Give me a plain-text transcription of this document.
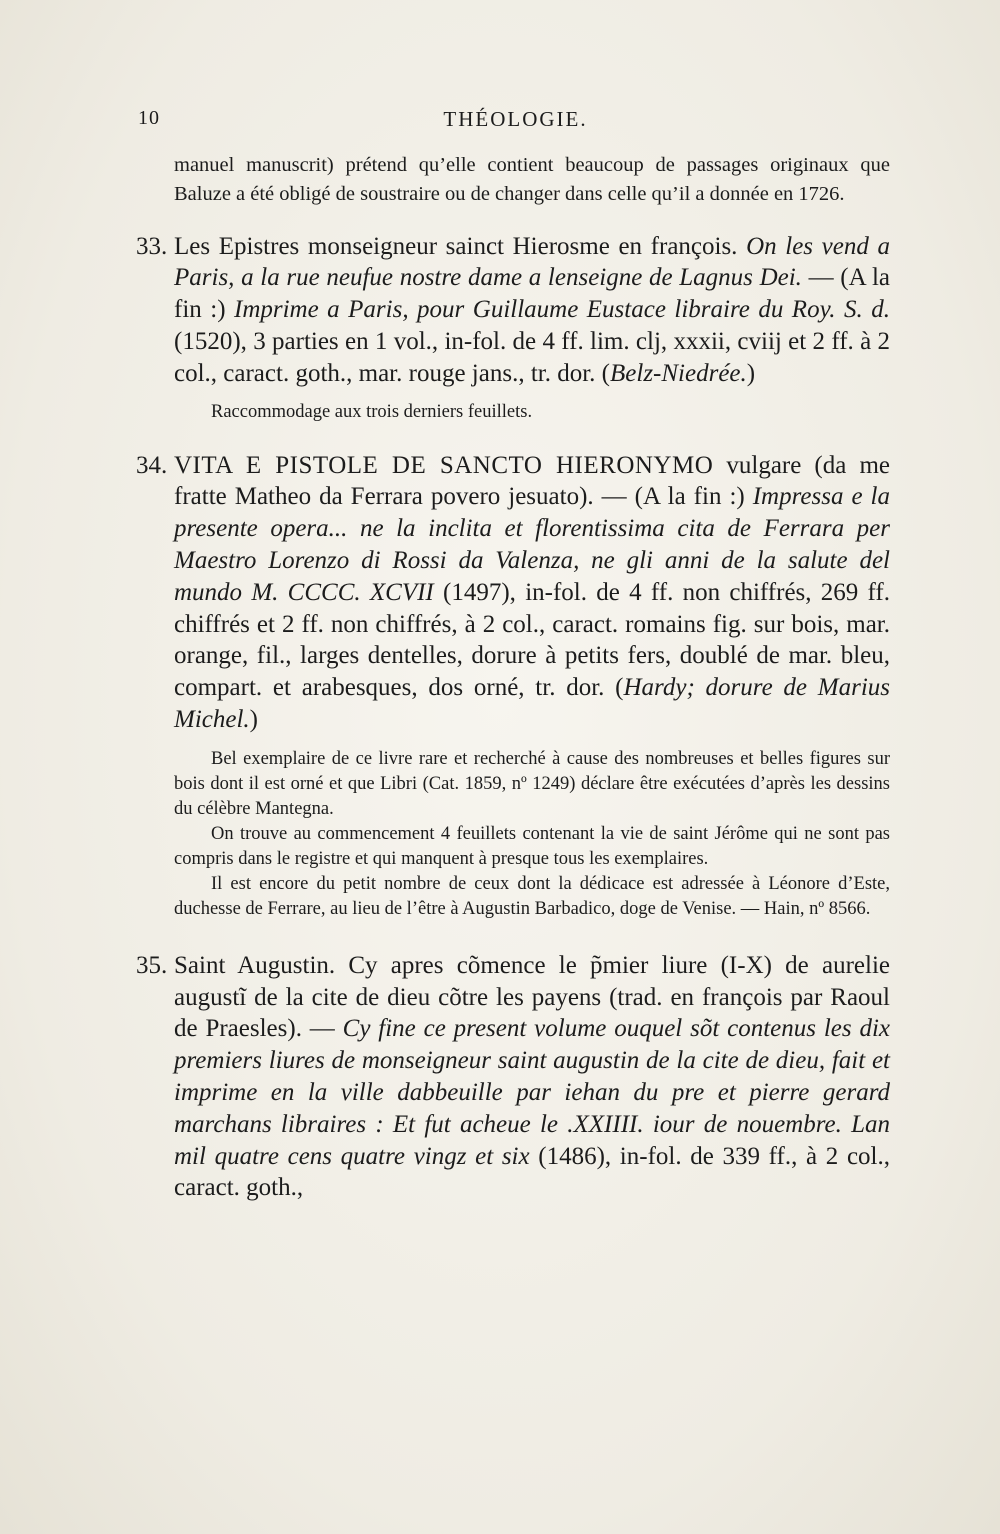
10	THÉOLOGIE.

manuel manuscrit) prétend qu’elle contient beaucoup de passages originaux que Baluze a été obligé de soustraire ou de changer dans celle qu’il a donnée en 1726.

33. Les Epistres monseigneur sainct Hierosme en françois. On les vend a Paris, a la rue neufue nostre dame a lenseigne de Lagnus Dei. — (A la fin :) Imprime a Paris, pour Guillaume Eustace libraire du Roy. S. d. (1520), 3 parties en 1 vol., in-fol. de 4 ff. lim. clj, xxxii, cviij et 2 ff. à 2 col., caract. goth., mar. rouge jans., tr. dor. (Belz-Niedrée.)

Raccommodage aux trois derniers feuillets.

34. VITA E PISTOLE DE SANCTO HIERONYMO vulgare (da me fratte Matheo da Ferrara povero jesuato). — (A la fin :) Impressa e la presente opera... ne la inclita et florentissima cita de Ferrara per Maestro Lorenzo di Rossi da Valenza, ne gli anni de la salute del mundo M. CCCC. XCVII (1497), in-fol. de 4 ff. non chiffrés, 269 ff. chiffrés et 2 ff. non chiffrés, à 2 col., caract. romains fig. sur bois, mar. orange, fil., larges dentelles, dorure à petits fers, doublé de mar. bleu, compart. et arabesques, dos orné, tr. dor. (Hardy; dorure de Marius Michel.)

Bel exemplaire de ce livre rare et recherché à cause des nombreuses et belles figures sur bois dont il est orné et que Libri (Cat. 1859, nº 1249) déclare être exécutées d’après les dessins du célèbre Mantegna.

On trouve au commencement 4 feuillets contenant la vie de saint Jérôme qui ne sont pas compris dans le registre et qui manquent à presque tous les exemplaires.

Il est encore du petit nombre de ceux dont la dédicace est adressée à Léonore d’Este, duchesse de Ferrare, au lieu de l’être à Augustin Barbadico, doge de Venise. — Hain, nº 8566.

35. Saint Augustin. Cy apres cõmence le p̃mier liure (I-X) de aurelie augustĩ de la cite de dieu cõtre les payens (trad. en françois par Raoul de Praesles). — Cy fine ce present volume ouquel sõt contenus les dix premiers liures de monseigneur saint augustin de la cite de dieu, fait et imprime en la ville dabbeuille par iehan du pre et pierre gerard marchans libraires : Et fut acheue le .XXIIII. iour de nouembre. Lan mil quatre cens quatre vingz et six (1486), in-fol. de 339 ff., à 2 col., caract. goth.,
